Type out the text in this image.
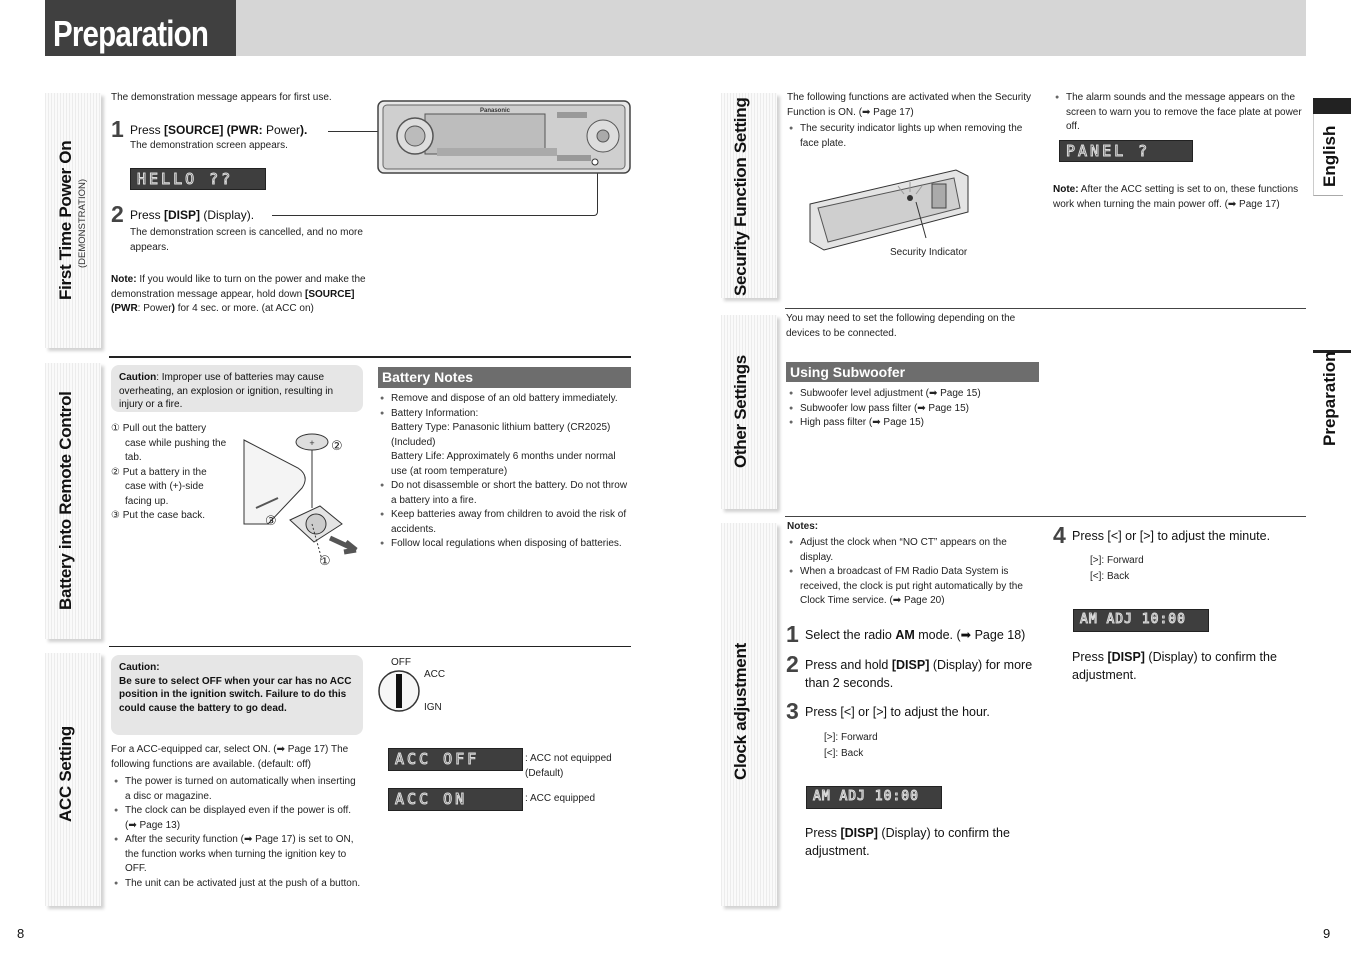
Preparation
First Time Power On (DEMONSTRATION)
The demonstration message appears for first use.
1 Press [SOURCE] (PWR: Power).
The demonstration screen appears.
HELLO ??
2 Press [DISP] (Display).
The demonstration screen is cancelled, and no more appears.
Note: If you would like to turn on the power and make the demonstration message appear, hold down [SOURCE] (PWR: Power) for 4 sec. or more. (at ACC on)
Panasonic
Battery into Remote Control
Caution: Improper use of batteries may cause overheating, an explosion or ignition, resulting in injury or a fire.
① Pull out the battery case while pushing the tab.
② Put a battery in the case with (+)-side facing up.
③ Put the case back.
+ ②
③
①
Battery Notes
● Remove and dispose of an old battery immediately.
● Battery Information:
Battery Type: Panasonic lithium battery (CR2025) (Included)
Battery Life: Approximately 6 months under normal use (at room temperature)
● Do not disassemble or short the battery. Do not throw a battery into a fire.
● Keep batteries away from children to avoid the risk of accidents.
● Follow local regulations when disposing of batteries.
ACC Setting
Caution:
Be sure to select OFF when your car has no ACC position in the ignition switch. Failure to do this could cause the battery to go dead.
OFF
ACC
IGN
For a ACC-equipped car, select ON. (➡ Page 17) The following functions are available. (default: off)
● The power is turned on automatically when inserting a disc or magazine.
● The clock can be displayed even if the power is off. (➡ Page 13)
● After the security function (➡ Page 17) is set to ON, the function works when turning the ignition key to OFF.
● The unit can be activated just at the push of a button.
ACC OFF	: ACC not equipped (Default)
ACC ON	: ACC equipped
8
Security Function Setting
The following functions are activated when the Security Function is ON. (➡ Page 17)
● The security indicator lights up when removing the face plate.
Security Indicator
● The alarm sounds and the message appears on the screen to warn you to remove the face plate at power off.
PANEL ?
Note: After the ACC setting is set to on, these functions work when turning the main power off. (➡ Page 17)
Other Settings
You may need to set the following depending on the devices to be connected.
Using Subwoofer
● Subwoofer level adjustment (➡ Page 15)
● Subwoofer low pass filter (➡ Page 15)
● High pass filter (➡ Page 15)
Clock adjustment
Notes:
● Adjust the clock when “NO CT” appears on the display.
● When a broadcast of FM Radio Data System is received, the clock is put right automatically by the Clock Time service. (➡ Page 20)
1 Select the radio AM mode. (➡ Page 18)
2 Press and hold [DISP] (Display) for more than 2 seconds.
3 Press [<] or [>] to adjust the hour.
[>]: Forward
[<]: Back
AM ADJ 10:00
Press [DISP] (Display) to confirm the adjustment.
4 Press [<] or [>] to adjust the minute.
[>]: Forward
[<]: Back
AM ADJ 10:00
Press [DISP] (Display) to confirm the adjustment.
9
English
Preparation
